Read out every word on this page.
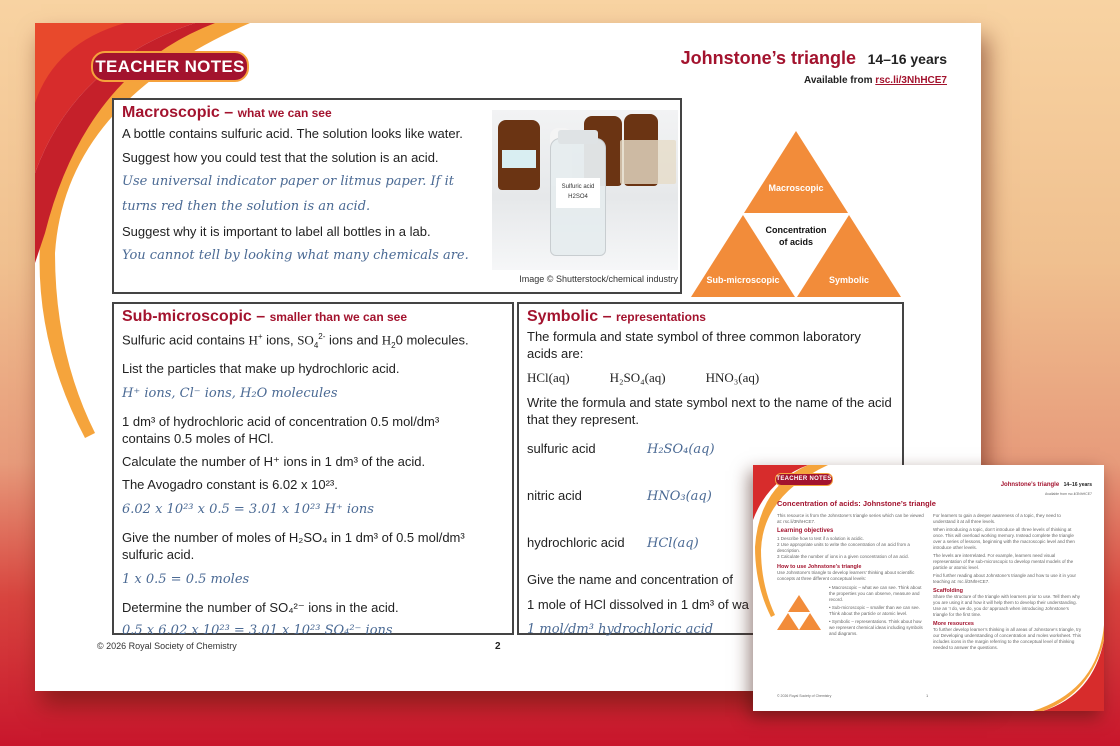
TEACHER NOTES	Johnstone’s triangle 14–16 years
Available from rsc.li/3NhHCE7
Macroscopic – what we can see
A bottle contains sulfuric acid. The solution looks like water.
Suggest how you could test that the solution is an acid.
Use universal indicator paper or litmus paper. If it
turns red then the solution is an acid.
Suggest why it is important to label all bottles in a lab.
You cannot tell by looking what many chemicals are.
Sulfuric acid
H2SO4
Image © Shutterstock/chemical industry
Macroscopic
Concentration
of acids
Sub-microscopic	Symbolic
Sub-microscopic – smaller than we can see
Sulfuric acid contains H+ ions, $SO_4^{2-}$ ions and $H_20$ molecules.
List the particles that make up hydrochloric acid.
H⁺ ions, Cl⁻ ions, H₂O molecules
1 dm³ of hydrochloric acid of concentration 0.5 mol/dm³
contains 0.5 moles of HCl.
Calculate the number of H⁺ ions in 1 dm³ of the acid.
The Avogadro constant is 6.02 x 10²³.
6.02 x 10²³ x 0.5 = 3.01 x 10²³ H⁺ ions
Give the number of moles of H₂SO₄ in 1 dm³ of 0.5 mol/dm³
sulfuric acid.
1 x 0.5 = 0.5 moles
Determine the number of SO₄²⁻ ions in the acid.
0.5 x 6.02 x 10²³ = 3.01 x 10²³ SO₄²⁻ ions
Symbolic – representations
The formula and state symbol of three common laboratory acids are:
HCl(aq)	H₂SO₄(aq)	HNO₃(aq)
Write the formula and state symbol next to the name of the acid that they represent.
sulfuric acid	H₂SO₄(aq)
nitric acid	HNO₃(aq)
hydrochloric acid	HCl(aq)
Give the name and concentration of
1 mole of HCl dissolved in 1 dm³ of wa
1 mol/dm³ hydrochloric acid
© 2026 Royal Society of Chemistry	2
TEACHER NOTES
Johnstone’s triangle 14–16 years
Available from rsc.li/3NhHCE7
Concentration of acids: Johnstone’s triangle
This resource is from the Johnstone’s triangle series which can be viewed at: rsc.li/3NhHCE7.
Learning objectives
1 Describe how to test if a solution is acidic.
2 Use appropriate units to write the concentration of an acid from a description.
3 Calculate the number of ions in a given concentration of an acid.
How to use Johnstone’s triangle
Use Johnstone’s triangle to develop learners’ thinking about scientific concepts at three different conceptual levels:
• Macroscopic – what we can see. Think about the properties you can observe, measure and record.
• Sub-microscopic – smaller than we can see. Think about the particle or atomic level.
• Symbolic – representations. Think about how we represent chemical ideas including symbols and diagrams.
For learners to gain a deeper awareness of a topic, they need to understand it at all three levels.
When introducing a topic, don’t introduce all three levels of thinking at once. This will overload working memory. Instead complete the triangle over a series of lessons, beginning with the macroscopic level and then introduce other levels.
The levels are interrelated. For example, learners need visual representation of the sub-microscopic to develop mental models of the particle or atomic level.
Find further reading about Johnstone’s triangle and how to use it in your teaching at: rsc.li/3NhHCE7.
Scaffolding
Share the structure of the triangle with learners prior to use. Tell them why you are using it and how it will help them to develop their understanding. Use an ‘I do, we do, you do’ approach when introducing Johnstone’s triangle for the first time.
More resources
To further develop learner’s thinking in all areas of Johnstone’s triangle, try our Developing understanding of concentration and moles worksheet. This includes icons in the margin referring to the conceptual level of thinking needed to answer the questions.
© 2026 Royal Society of Chemistry	1
